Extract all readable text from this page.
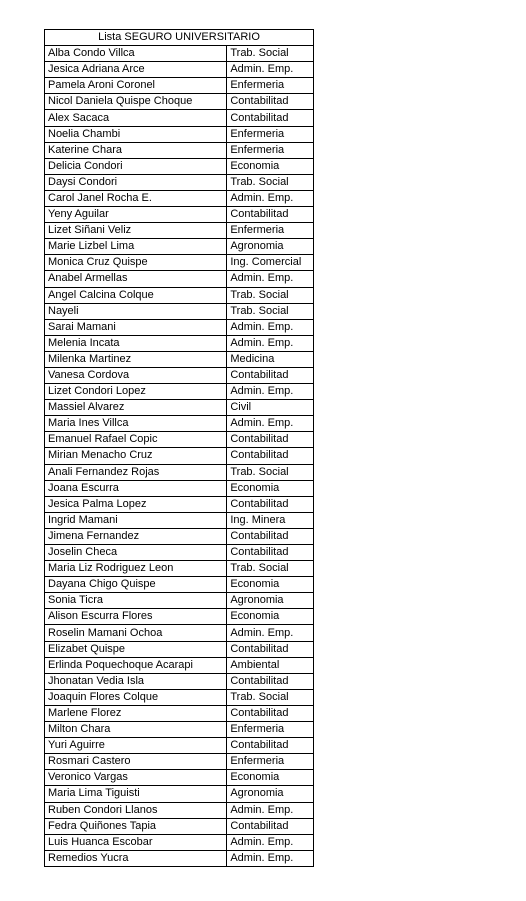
Lista SEGURO UNIVERSITARIO	
Alba Condo Villca	Trab. Social
Jesica Adriana Arce	Admin. Emp.
Pamela Aroni Coronel	Enfermeria
Nicol Daniela Quispe Choque	Contabilitad
Alex Sacaca	Contabilitad
Noelia Chambi	Enfermeria
Katerine Chara	Enfermeria
Delicia Condori	Economia
Daysi Condori	Trab. Social
Carol Janel Rocha E.	Admin. Emp.
Yeny Aguilar	Contabilitad
Lizet Siñani Veliz	Enfermeria
Marie Lizbel Lima	Agronomia
Monica Cruz Quispe	Ing. Comercial
Anabel Armellas	Admin. Emp.
Angel Calcina Colque	Trab. Social
Nayeli	Trab. Social
Sarai Mamani	Admin. Emp.
Melenia Incata	Admin. Emp.
Milenka Martinez	Medicina
Vanesa Cordova	Contabilitad
Lizet Condori Lopez	Admin. Emp.
Massiel Alvarez	Civil
Maria Ines Villca	Admin. Emp.
Emanuel Rafael Copic	Contabilitad
Mirian Menacho Cruz	Contabilitad
Anali Fernandez Rojas	Trab. Social
Joana Escurra	Economia
Jesica Palma Lopez	Contabilitad
Ingrid Mamani	Ing. Minera
Jimena Fernandez	Contabilitad
Joselin Checa	Contabilitad
Maria Liz Rodriguez Leon	Trab. Social
Dayana Chigo Quispe	Economia
Sonia Ticra	Agronomia
Alison Escurra Flores	Economia
Roselin Mamani Ochoa	Admin. Emp.
Elizabet Quispe	Contabilitad
Erlinda Poquechoque Acarapi	Ambiental
Jhonatan Vedia Isla	Contabilitad
Joaquin Flores Colque	Trab. Social
Marlene Florez	Contabilitad
Milton Chara	Enfermeria
Yuri Aguirre	Contabilitad
Rosmari Castero	Enfermeria
Veronico Vargas	Economia
Maria Lima Tiguisti	Agronomia
Ruben Condori Llanos	Admin. Emp.
Fedra Quiñones Tapia	Contabilitad
Luis Huanca Escobar	Admin. Emp.
Remedios Yucra	Admin. Emp.
